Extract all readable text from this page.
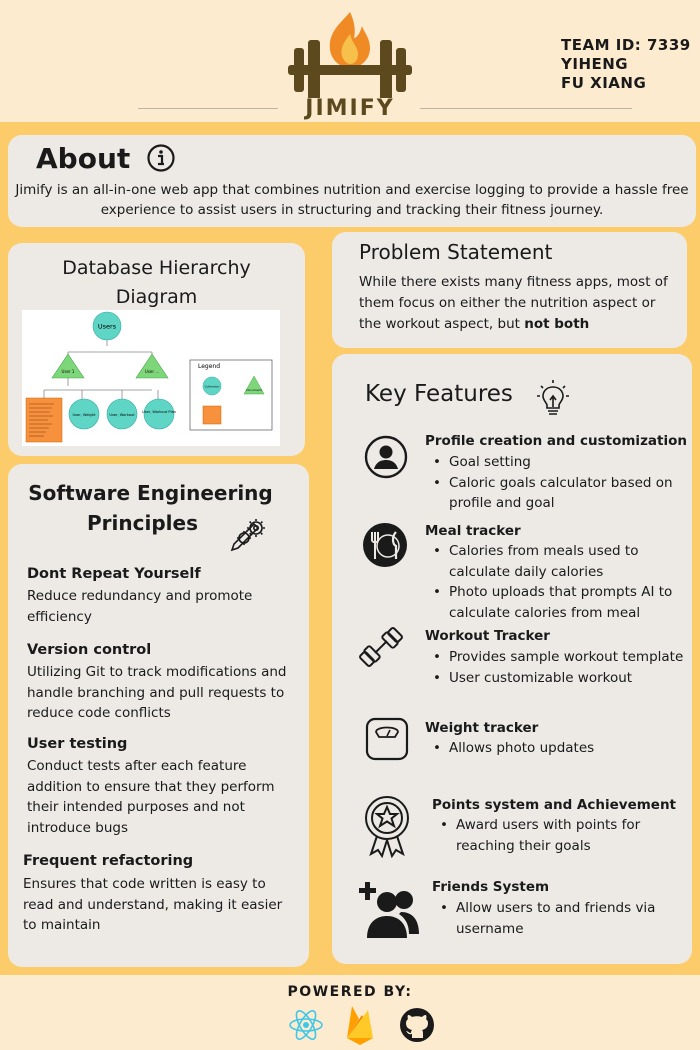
JIMIFY
TEAM ID: 7339
YIHENG
FU XIANG
About
Jimify is an all-in-one web app that combines nutrition and exercise logging to provide a hassle free experience to assist users in structuring and tracking their fitness journey.
Database Hierarchy
Diagram
Users
User 1	User ...
User, Weight	User, Workout
User, Workout Plan
Legend
Collection
Document
Problem Statement
While there exists many fitness apps, most of them focus on either the nutrition aspect or the workout aspect, but not both
Software Engineering
Principles
Dont Repeat Yourself
Reduce redundancy and promote efficiency
Version control
Utilizing Git to track modifications and handle branching and pull requests to reduce code conflicts
User testing
Conduct tests after each feature addition to ensure that they perform their intended purposes and not introduce bugs
Frequent refactoring
Ensures that code written is easy to read and understand, making it easier to maintain
Key Features
Profile creation and customization
• Goal setting
• Caloric goals calculator based on profile and goal
Meal tracker
• Calories from meals used to calculate daily calories
• Photo uploads that prompts AI to calculate calories from meal
Workout Tracker
• Provides sample workout template
• User customizable workout
Weight tracker
• Allows photo updates
Points system and Achievement
• Award users with points for reaching their goals
Friends System
• Allow users to and friends via username
POWERED BY:
